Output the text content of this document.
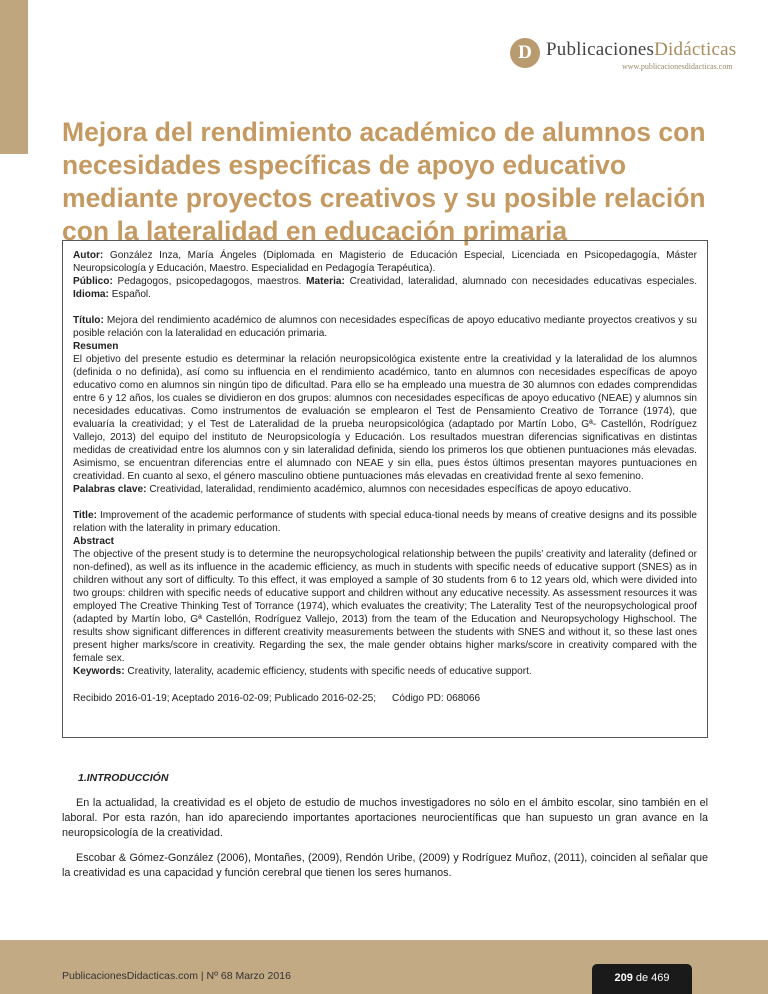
D PublicacionesDidácticas
www.publicacionesdidacticas.com
Mejora del rendimiento académico de alumnos con necesidades específicas de apoyo educativo mediante proyectos creativos y su posible relación con la lateralidad en educación primaria

Autor: González Inza, María Ángeles (Diplomada en Magisterio de Educación Especial, Licenciada en Psicopedagogía, Máster Neuropsicología y Educación, Maestro. Especialidad en Pedagogía Terapéutica).

Público: Pedagogos, psicopedagogos, maestros. Materia: Creatividad, lateralidad, alumnado con necesidades educativas especiales. Idioma: Español.

Título: Mejora del rendimiento académico de alumnos con necesidades específicas de apoyo educativo mediante proyectos creativos y su posible relación con la lateralidad en educación primaria.

Resumen

El objetivo del presente estudio es determinar la relación neuropsicológica existente entre la creatividad y la lateralidad de los alumnos (definida o no definida), así como su influencia en el rendimiento académico, tanto en alumnos con necesidades específicas de apoyo educativo como en alumnos sin ningún tipo de dificultad. Para ello se ha empleado una muestra de 30 alumnos con edades comprendidas entre 6 y 12 años, los cuales se dividieron en dos grupos: alumnos con necesidades específicas de apoyo educativo (NEAE) y alumnos sin necesidades educativas. Como instrumentos de evaluación se emplearon el Test de Pensamiento Creativo de Torrance (1974), que evaluaría la creatividad; y el Test de Lateralidad de la prueba neuropsicológica (adaptado por Martín Lobo, Gª- Castellón, Rodríguez Vallejo, 2013) del equipo del instituto de Neuropsicología y Educación. Los resultados muestran diferencias significativas en distintas medidas de creatividad entre los alumnos con y sin lateralidad definida, siendo los primeros los que obtienen puntuaciones más elevadas. Asimismo, se encuentran diferencias entre el alumnado con NEAE y sin ella, pues éstos últimos presentan mayores puntuaciones en creatividad. En cuanto al sexo, el género masculino obtiene puntuaciones más elevadas en creatividad frente al sexo femenino.

Palabras clave: Creatividad, lateralidad, rendimiento académico, alumnos con necesidades específicas de apoyo educativo.

Title: Improvement of the academic performance of students with special educa-tional needs by means of creative designs and its possible relation with the laterality in primary education.

Abstract

The objective of the present study is to determine the neuropsychological relationship between the pupils’ creativity and laterality (defined or non-defined), as well as its influence in the academic efficiency, as much in students with specific needs of educative support (SNES) as in children without any sort of difficulty. To this effect, it was employed a sample of 30 students from 6 to 12 years old, which were divided into two groups: children with specific needs of educative support and children without any educative necessity. As assessment resources it was employed The Creative Thinking Test of Torrance (1974), which evaluates the creativity; The Laterality Test of the neuropsychological proof (adapted by Martín lobo, Gª Castellón, Rodríguez Vallejo, 2013) from the team of the Education and Neuropsychology Highschool. The results show significant differences in different creativity measurements between the students with SNES and without it, so these last ones present higher marks/score in creativity. Regarding the sex, the male gender obtains higher marks/score in creativity compared with the female sex.

Keywords: Creativity, laterality, academic efficiency, students with specific needs of educative support.

Recibido 2016-01-19; Aceptado 2016-02-09; Publicado 2016-02-25; Código PD: 068066
1.INTRODUCCIÓN

En la actualidad, la creatividad es el objeto de estudio de muchos investigadores no sólo en el ámbito escolar, sino también en el laboral. Por esta razón, han ido apareciendo importantes aportaciones neurocientíficas que han supuesto un gran avance en la neuropsicología de la creatividad.

Escobar & Gómez-González (2006), Montañes, (2009), Rendón Uribe, (2009) y Rodríguez Muñoz, (2011), coinciden al señalar que la creatividad es una capacidad y función cerebral que tienen los seres humanos.

PublicacionesDidacticas.com | Nº 68 Marzo 2016	209 de 469
